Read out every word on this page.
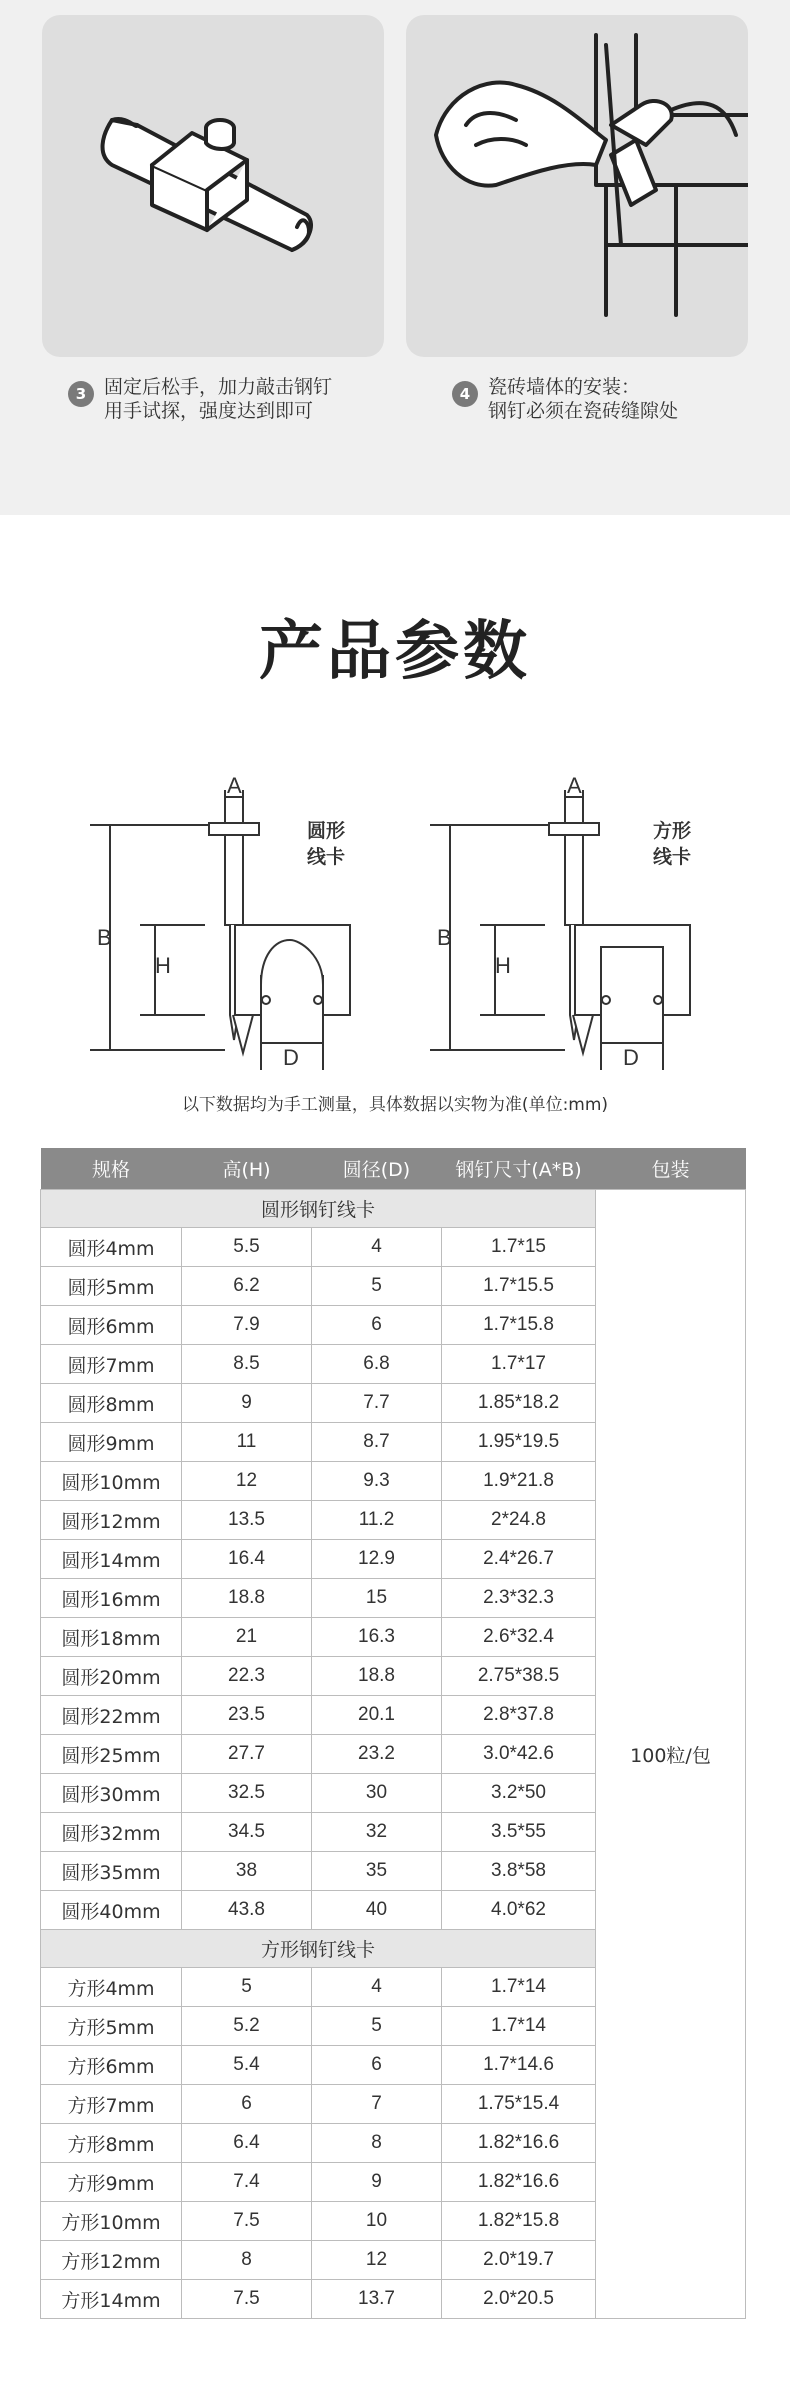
3 固定后松手，加力敲击钢钉
用手试探，强度达到即可
4 瓷砖墙体的安装：
钢钉必须在瓷砖缝隙处
产品参数
A
B
H
D
圆形
线卡
A
B
H
D
方形
线卡
以下数据均为手工测量，具体数据以实物为准(单位:mm)
规格	高(H)	圆径(D)	钢钉尺寸(A*B)	包装
圆形钢钉线卡				100粒/包
圆形4mm	5.5	4	1.7*15	
圆形5mm	6.2	5	1.7*15.5	
圆形6mm	7.9	6	1.7*15.8	
圆形7mm	8.5	6.8	1.7*17	
圆形8mm	9	7.7	1.85*18.2	
圆形9mm	11	8.7	1.95*19.5	
圆形10mm	12	9.3	1.9*21.8	
圆形12mm	13.5	11.2	2*24.8	
圆形14mm	16.4	12.9	2.4*26.7	
圆形16mm	18.8	15	2.3*32.3	
圆形18mm	21	16.3	2.6*32.4	
圆形20mm	22.3	18.8	2.75*38.5	
圆形22mm	23.5	20.1	2.8*37.8	
圆形25mm	27.7	23.2	3.0*42.6	
圆形30mm	32.5	30	3.2*50	
圆形32mm	34.5	32	3.5*55	
圆形35mm	38	35	3.8*58	
圆形40mm	43.8	40	4.0*62	
方形钢钉线卡				
方形4mm	5	4	1.7*14	
方形5mm	5.2	5	1.7*14	
方形6mm	5.4	6	1.7*14.6	
方形7mm	6	7	1.75*15.4	
方形8mm	6.4	8	1.82*16.6	
方形9mm	7.4	9	1.82*16.6	
方形10mm	7.5	10	1.82*15.8	
方形12mm	8	12	2.0*19.7	
方形14mm	7.5	13.7	2.0*20.5	
